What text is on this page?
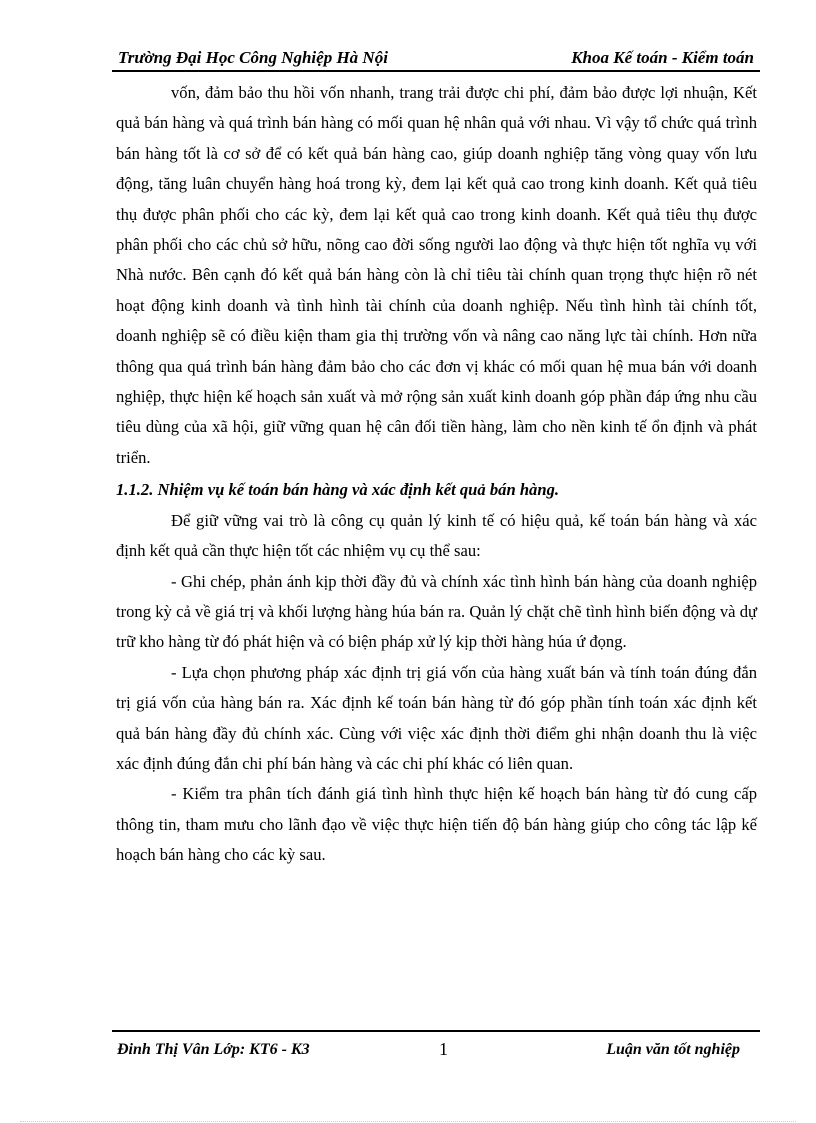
Trường Đại Học Công Nghiệp Hà Nội	Khoa Kế toán - Kiểm toán

vốn, đảm bảo thu hồi vốn nhanh, trang trải được chi phí, đảm bảo được lợi nhuận, Kết quả bán hàng và quá trình bán hàng có mối quan hệ nhân quả với nhau. Vì vậy tổ chức quá trình bán hàng tốt là cơ sở để có kết quả bán hàng cao, giúp doanh nghiệp tăng vòng quay vốn lưu động, tăng luân chuyển hàng hoá trong kỳ, đem lại kết quả cao trong kinh doanh. Kết quả tiêu thụ được phân phối cho các kỳ, đem lại kết quả cao trong kinh doanh. Kết quả tiêu thụ được phân phối cho các chủ sở hữu, nõng cao đời sống người lao động và thực hiện tốt nghĩa vụ với Nhà nước. Bên cạnh đó kết quả bán hàng còn là chỉ tiêu tài chính quan trọng thực hiện rõ nét hoạt động kinh doanh và tình hình tài chính của doanh nghiệp. Nếu tình hình tài chính tốt, doanh nghiệp sẽ có điều kiện tham gia thị trường vốn và nâng cao năng lực tài chính. Hơn nữa thông qua quá trình bán hàng đảm bảo cho các đơn vị khác có mối quan hệ mua bán với doanh nghiệp, thực hiện kế hoạch sản xuất và mở rộng sản xuất kinh doanh góp phần đáp ứng nhu cầu tiêu dùng của xã hội, giữ vững quan hệ cân đối tiền hàng, làm cho nền kinh tế ổn định và phát triển.

1.1.2. Nhiệm vụ kế toán bán hàng và xác định kết quả bán hàng.

Để giữ vững vai trò là công cụ quản lý kinh tế có hiệu quả, kế toán bán hàng và xác định kết quả cần thực hiện tốt các nhiệm vụ cụ thể sau:

- Ghi chép, phản ánh kịp thời đầy đủ và chính xác tình hình bán hàng của doanh nghiệp trong kỳ cả về giá trị và khối lượng hàng húa bán ra. Quản lý chặt chẽ tình hình biến động và dự trữ kho hàng từ đó phát hiện và có biện pháp xử lý kịp thời hàng húa ứ đọng.

- Lựa chọn phương pháp xác định trị giá vốn của hàng xuất bán và tính toán đúng đắn trị giá vốn của hàng bán ra. Xác định kế toán bán hàng từ đó góp phần tính toán xác định kết quả bán hàng đầy đủ chính xác. Cùng với việc xác định thời điểm ghi nhận doanh thu là việc xác định đúng đắn chi phí bán hàng và các chi phí khác có liên quan.

- Kiểm tra phân tích đánh giá tình hình thực hiện kế hoạch bán hàng từ đó cung cấp thông tin, tham mưu cho lãnh đạo về việc thực hiện tiến độ bán hàng giúp cho công tác lập kế hoạch bán hàng cho các kỳ sau.

Đinh Thị Vân Lớp: KT6 - K3	1	Luận văn tốt nghiệp
